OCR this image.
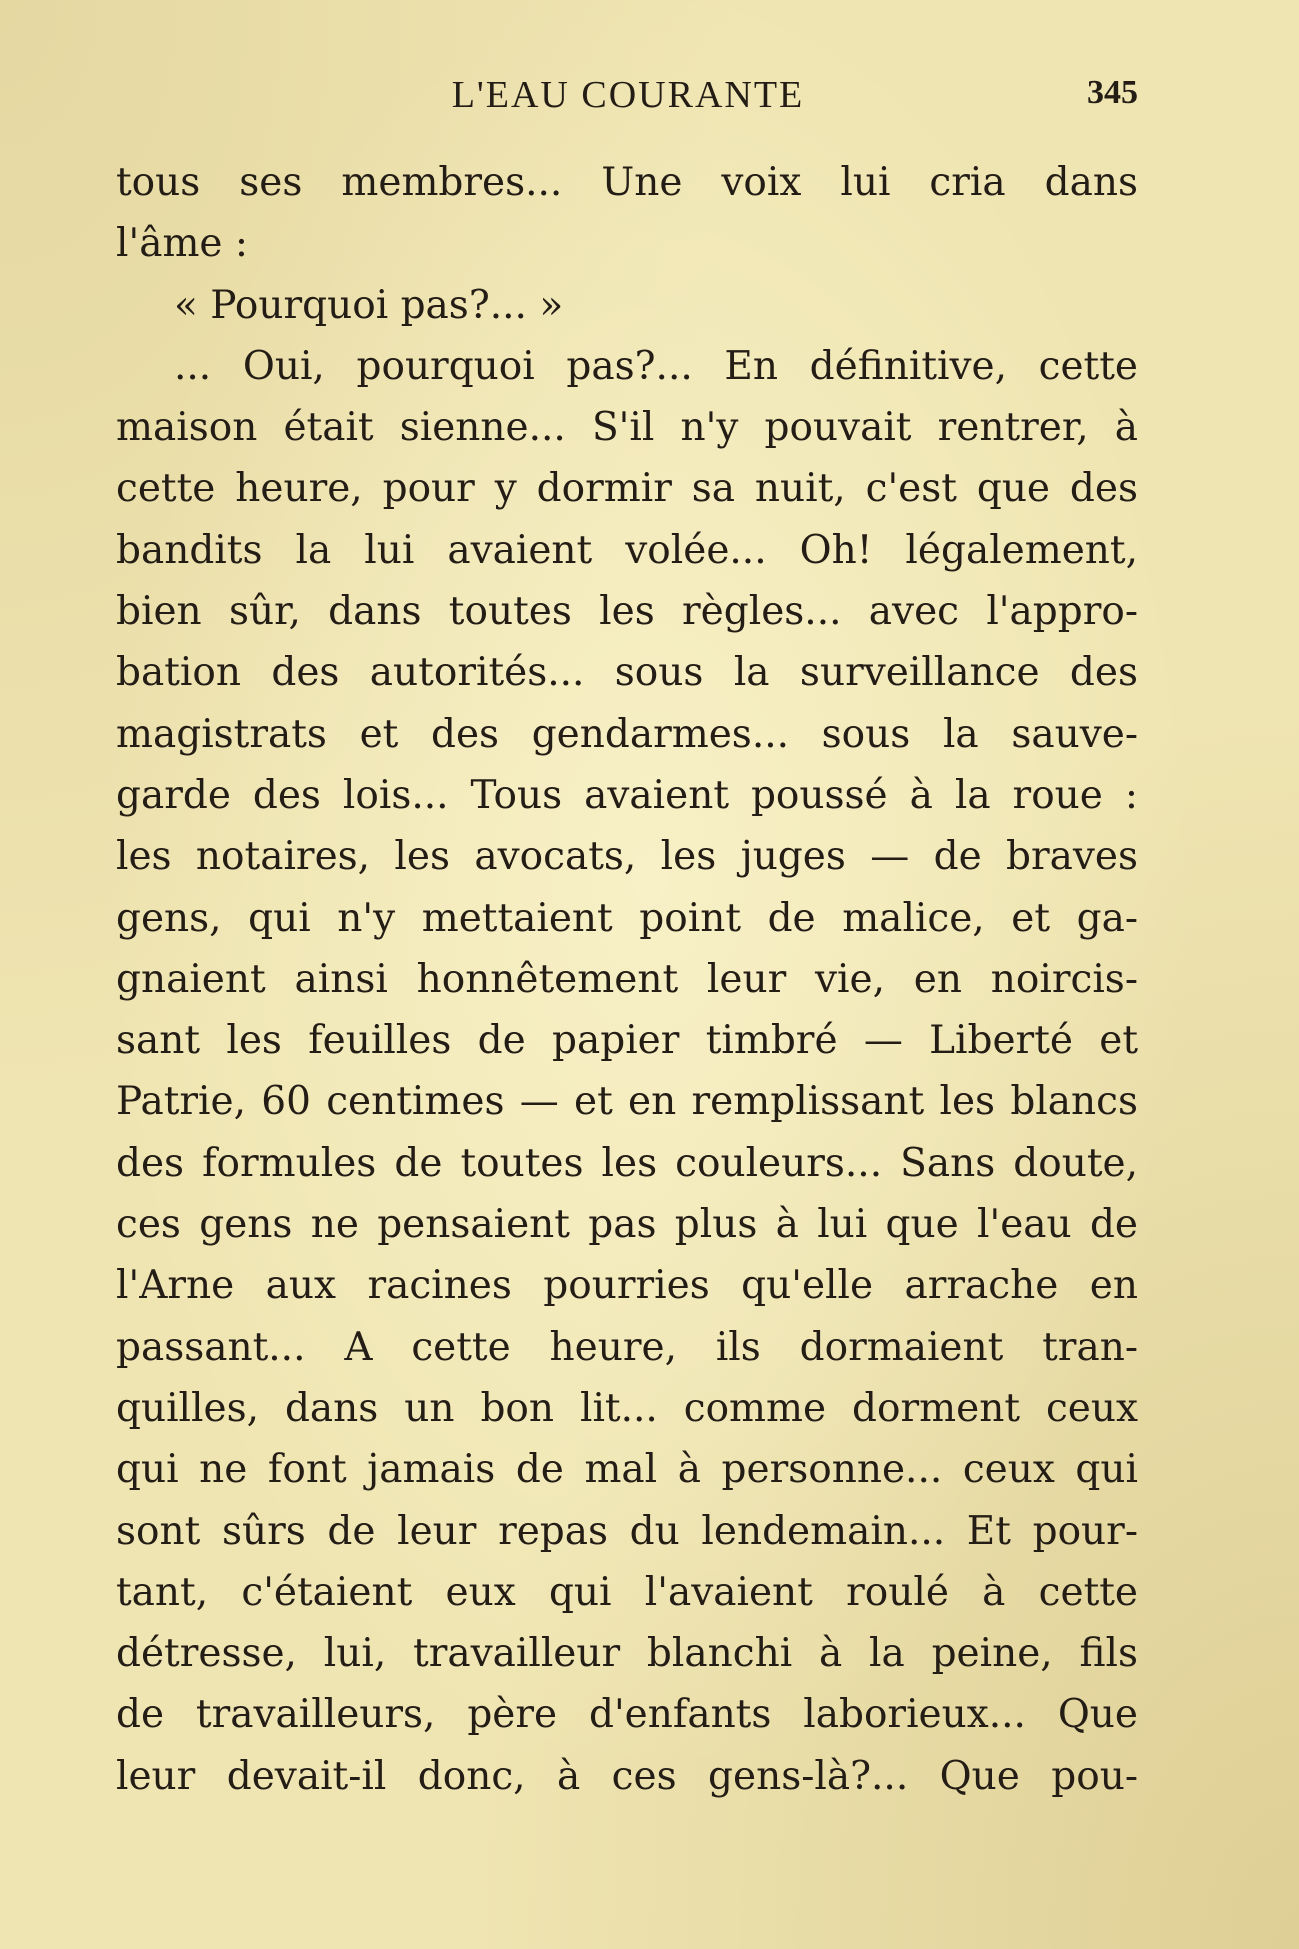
L'EAU COURANTE	345
tous ses membres... Une voix lui cria dans
l'âme :
« Pourquoi pas?... »
... Oui, pourquoi pas?... En définitive, cette
maison était sienne... S'il n'y pouvait rentrer, à
cette heure, pour y dormir sa nuit, c'est que des
bandits la lui avaient volée... Oh! légalement,
bien sûr, dans toutes les règles... avec l'appro-
bation des autorités... sous la surveillance des
magistrats et des gendarmes... sous la sauve-
garde des lois... Tous avaient poussé à la roue :
les notaires, les avocats, les juges — de braves
gens, qui n'y mettaient point de malice, et ga-
gnaient ainsi honnêtement leur vie, en noircis-
sant les feuilles de papier timbré — Liberté et
Patrie, 60 centimes — et en remplissant les blancs
des formules de toutes les couleurs... Sans doute,
ces gens ne pensaient pas plus à lui que l'eau de
l'Arne aux racines pourries qu'elle arrache en
passant... A cette heure, ils dormaient tran-
quilles, dans un bon lit... comme dorment ceux
qui ne font jamais de mal à personne... ceux qui
sont sûrs de leur repas du lendemain... Et pour-
tant, c'étaient eux qui l'avaient roulé à cette
détresse, lui, travailleur blanchi à la peine, fils
de travailleurs, père d'enfants laborieux... Que
leur devait-il donc, à ces gens-là?... Que pou-
